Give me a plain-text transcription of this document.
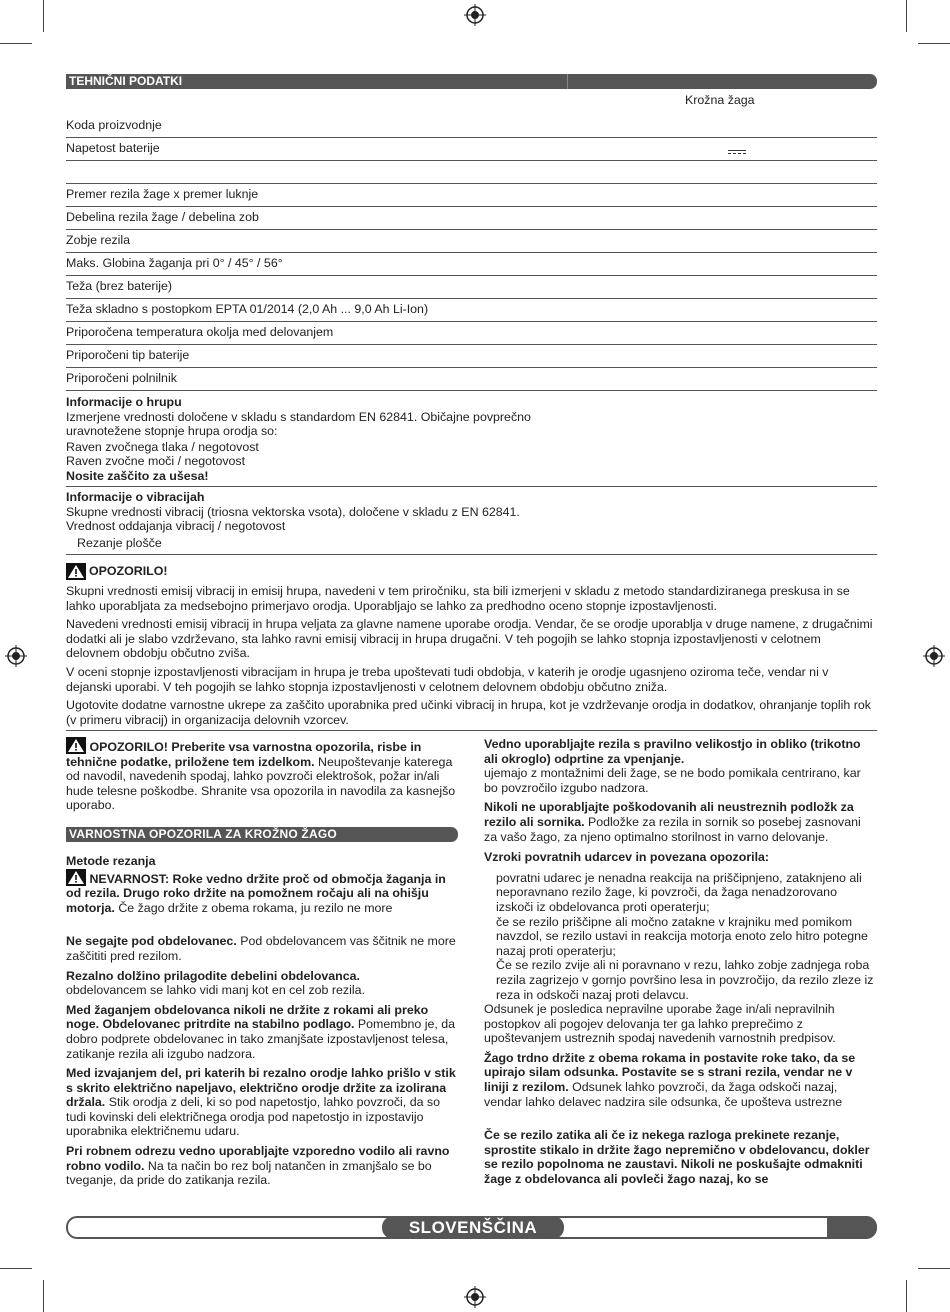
TEHNIČNI PODATKI
Krožna žaga
Koda proizvodnje
Napetost baterije
Premer rezila žage x premer luknje
Debelina rezila žage / debelina zob
Zobje rezila
Maks. Globina žaganja pri 0° / 45° / 56°
Teža (brez baterije)
Teža skladno s postopkom EPTA 01/2014 (2,0 Ah ... 9,0 Ah Li-Ion)
Priporočena temperatura okolja med delovanjem
Priporočeni tip baterije
Priporočeni polnilnik
Informacije o hrupu
Izmerjene vrednosti določene v skladu s standardom EN 62841. Običajne povprečno
uravnotežene stopnje hrupa orodja so:
Raven zvočnega tlaka / negotovost
Raven zvočne moči / negotovost
Nosite zaščito za ušesa!
Informacije o vibracijah
Skupne vrednosti vibracij (triosna vektorska vsota), določene v skladu z EN 62841.
Vrednost oddajanja vibracij / negotovost
Rezanje plošče
OPOZORILO!

Skupni vrednosti emisij vibracij in emisij hrupa, navedeni v tem priročniku, sta bili izmerjeni v skladu z metodo standardiziranega preskusa in se lahko uporabljata za medsebojno primerjavo orodja. Uporabljajo se lahko za predhodno oceno stopnje izpostavljenosti.

Navedeni vrednosti emisij vibracij in hrupa veljata za glavne namene uporabe orodja. Vendar, če se orodje uporablja v druge namene, z drugačnimi dodatki ali je slabo vzdrževano, sta lahko ravni emisij vibracij in hrupa drugačni. V teh pogojih se lahko stopnja izpostavljenosti v celotnem delovnem obdobju občutno zviša.

V oceni stopnje izpostavljenosti vibracijam in hrupa je treba upoštevati tudi obdobja, v katerih je orodje ugasnjeno oziroma teče, vendar ni v dejanski uporabi. V teh pogojih se lahko stopnja izpostavljenosti v celotnem delovnem obdobju občutno zniža.

Ugotovite dodatne varnostne ukrepe za zaščito uporabnika pred učinki vibracij in hrupa, kot je vzdrževanje orodja in dodatkov, ohranjanje toplih rok (v primeru vibracij) in organizacija delovnih vzorcev.

OPOZORILO! Preberite vsa varnostna opozorila, risbe in tehnične podatke, priložene tem izdelkom. Neupoštevanje katerega od navodil, navedenih spodaj, lahko povzroči elektrošok, požar in/ali hude telesne poškodbe. Shranite vsa opozorila in navodila za kasnejšo uporabo.

VARNOSTNA OPOZORILA ZA KROŽNO ŽAGO
Metode rezanja

NEVARNOST: Roke vedno držite proč od območja žaganja in od rezila. Drugo roko držite na pomožnem ročaju ali na ohišju motorja. Če žago držite z obema rokama, ju rezilo ne more

Ne segajte pod obdelovanec. Pod obdelovancem vas ščitnik ne more zaščititi pred rezilom.

Rezalno dolžino prilagodite debelini obdelovanca.
obdelovancem se lahko vidi manj kot en cel zob rezila.

Med žaganjem obdelovanca nikoli ne držite z rokami ali preko noge. Obdelovanec pritrdite na stabilno podlago. Pomembno je, da dobro podprete obdelovanec in tako zmanjšate izpostavljenost telesa, zatikanje rezila ali izgubo nadzora.

Med izvajanjem del, pri katerih bi rezalno orodje lahko prišlo v stik s skrito električno napeljavo, električno orodje držite za izolirana držala. Stik orodja z deli, ki so pod napetostjo, lahko povzroči, da so tudi kovinski deli električnega orodja pod napetostjo in izpostavijo uporabnika električnemu udaru.

Pri robnem odrezu vedno uporabljajte vzporedno vodilo ali ravno robno vodilo. Na ta način bo rez bolj natančen in zmanjšalo se bo tveganje, da pride do zatikanja rezila.

Vedno uporabljajte rezila s pravilno velikostjo in obliko (trikotno ali okroglo) odprtine za vpenjanje.
ujemajo z montažnimi deli žage, se ne bodo pomikala centrirano, kar bo povzročilo izgubo nadzora.

Nikoli ne uporabljajte poškodovanih ali neustreznih podložk za rezilo ali sornika. Podložke za rezila in sornik so posebej zasnovani za vašo žago, za njeno optimalno storilnost in varno delovanje.

Vzroki povratnih udarcev in povezana opozorila:

povratni udarec je nenadna reakcija na priščipnjeno, zataknjeno ali neporavnano rezilo žage, ki povzroči, da žaga nenadzorovano izskoči iz obdelovanca proti operaterju;
če se rezilo priščipne ali močno zatakne v krajniku med pomikom navzdol, se rezilo ustavi in reakcija motorja enoto zelo hitro potegne nazaj proti operaterju;
Če se rezilo zvije ali ni poravnano v rezu, lahko zobje zadnjega roba rezila zagrizejo v gornjo površino lesa in povzročijo, da rezilo zleze iz reza in odskoči nazaj proti delavcu.

Odsunek je posledica nepravilne uporabe žage in/ali nepravilnih postopkov ali pogojev delovanja ter ga lahko preprečimo z upoštevanjem ustreznih spodaj navedenih varnostnih predpisov.

Žago trdno držite z obema rokama in postavite roke tako, da se upirajo silam odsunka. Postavite se s strani rezila, vendar ne v liniji z rezilom. Odsunek lahko povzroči, da žaga odskoči nazaj, vendar lahko delavec nadzira sile odsunka, če upošteva ustrezne

Če se rezilo zatika ali če iz nekega razloga prekinete rezanje, sprostite stikalo in držite žago nepremično v obdelovancu, dokler se rezilo popolnoma ne zaustavi. Nikoli ne poskušajte odmakniti žage z obdelovanca ali povleči žago nazaj, ko se

SLOVENŠČINA
